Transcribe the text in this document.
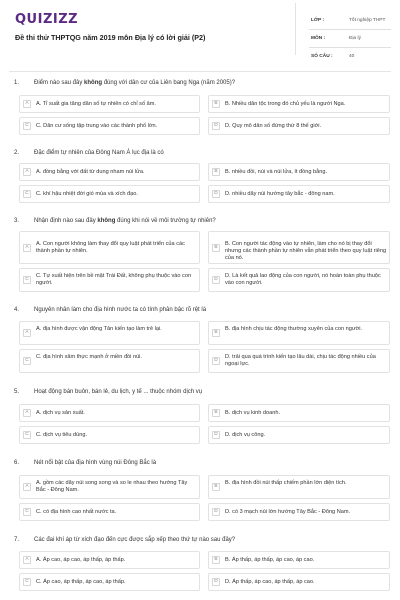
QUIZIZZ
Đề thi thử THPTQG năm 2019 môn Địa lý có lời giải (P2)
LỚP :	Tốt nghiệp THPT
MÔN :	Địa lý
SỐ CÂU :	40
1. Điểm nào sau đây không đúng với dân cư của Liên bang Nga (năm 2005)?
A	A. Tỉ suất gia tăng dân số tự nhiên có chỉ số âm.	B	B. Nhiều dân tộc trong đó chủ yếu là người Nga.
C	C. Dân cư sống tập trung vào các thành phố lớn.	D	D. Quy mô dân số đứng thứ 8 thế giới.
2. Đặc điểm tự nhiên của Đông Nam Á lục địa là có
A	A. đồng bằng với đất từ dung nham núi lửa.	B	B. nhiều đồi, núi và núi lửa, ít đồng bằng.
C	C. khí hậu nhiệt đới gió mùa và xích đạo.	D	D. nhiều dãy núi hướng tây bắc - đông nam.
3. Nhận định nào sau đây không đúng khi nói về môi trường tự nhiên?
A
A. Con người không làm thay đổi quy luật phát triển của các thành phần tự nhiên.
B
B. Con người tác động vào tự nhiên, làm cho nó bị thay đổi nhưng các thành phần tự nhiên vẫn phát triển theo quy luật riêng của nó.
C
C. Tự xuất hiện trên bề mặt Trái Đất, không phụ thuộc vào con người.
D
D. Là kết quả lao động của con người, nó hoàn toàn phụ thuộc vào con người.
4. Nguyên nhân làm cho địa hình nước ta có tính phân bậc rõ rệt là
A
A. địa hình được vận động Tân kiến tạo làm trẻ lại.
B
B. địa hình chịu tác động thường xuyên của con người.
C
C. địa hình xâm thực mạnh ở miền đồi núi.
D
D. trải qua quá trình kiến tạo lâu dài, chịu tác động nhiều của ngoại lực.
5. Hoạt động bán buôn, bán lẻ, du lịch, y tế ... thuộc nhóm dịch vụ
A	A. dịch vụ sản xuất.	B	B. dịch vụ kinh doanh.
C	C. dịch vụ tiêu dùng.	D	D. dịch vụ công.
6. Nét nổi bật của địa hình vùng núi Đông Bắc là
A
A. gồm các dãy núi song song và so le nhau theo hướng Tây Bắc - Đông Nam.
B
B. địa hình đồi núi thấp chiếm phần lớn diện tích.
C	C. có địa hình cao nhất nước ta.	D	D. có 3 mạch núi lớn hướng Tây Bắc - Đông Nam.
7. Các đai khí áp từ xích đạo đến cực được sắp xếp theo thứ tự nào sau đây?
A	A. Áp cao, áp cao, áp thấp, áp thấp.	B	B. Áp thấp, áp thấp, áp cao, áp cao.
C	C. Áp cao, áp thấp, áp cao, áp thấp.	D	D. Áp thấp, áp cao, áp thấp, áp cao.
